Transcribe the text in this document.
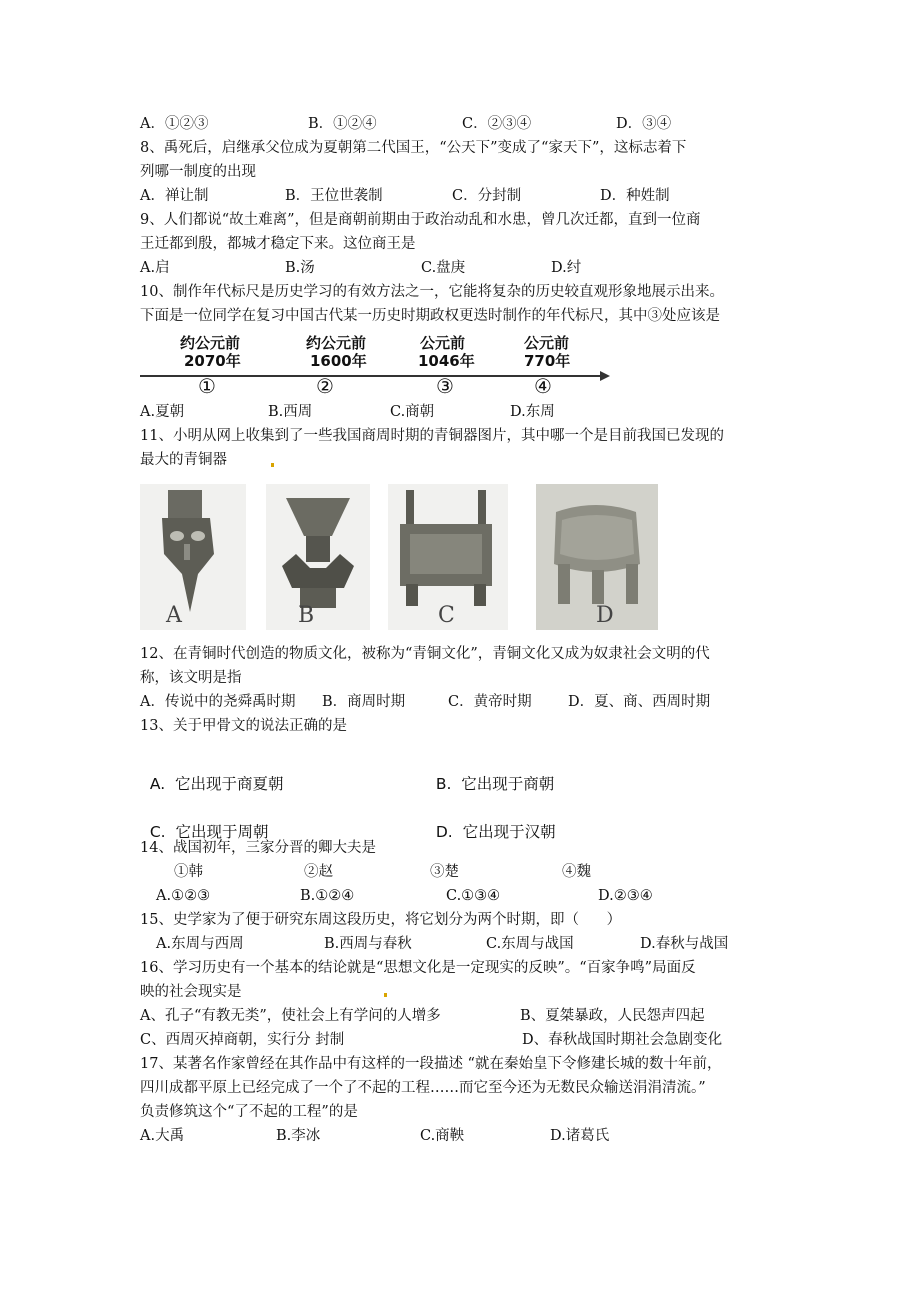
A．①②③	B．①②④	C．②③④	D．③④
8、禹死后，启继承父位成为夏朝第二代国王，“公天下”变成了“家天下”，这标志着下
列哪一制度的出现
A．禅让制	B．王位世袭制	C．分封制	D．种姓制
9、人们都说“故土难离”，但是商朝前期由于政治动乱和水患，曾几次迁都，直到一位商
王迁都到殷，都城才稳定下来。这位商王是
A.启	B.汤	C.盘庚	D.纣
10、制作年代标尺是历史学习的有效方法之一，它能将复杂的历史较直观形象地展示出来。
下面是一位同学在复习中国古代某一历史时期政权更迭时制作的年代标尺，其中③处应该是
约公元前
2070年
①
约公元前
1600年
②
公元前
1046年
③
公元前
770年
④
A.夏朝	B.西周	C.商朝	D.东周
11、小明从网上收集到了一些我国商周时期的青铜器图片，其中哪一个是目前我国已发现的
最大的青铜器
A	B	C	D
12、在青铜时代创造的物质文化，被称为“青铜文化”，青铜文化又成为奴隶社会文明的代
称，该文明是指
A．传说中的尧舜禹时期 B．商周时期	C．黄帝时期	D．夏、商、西周时期
13、关于甲骨文的说法正确的是

A. 它出现于商夏朝	B. 它出现于商朝

C. 它出现于周朝	D. 它出现于汉朝

14、战国初年，三家分晋的卿大夫是
①韩	②赵	③楚	④魏
A.①②③	B.①②④	C.①③④	D.②③④
15、史学家为了便于研究东周这段历史，将它划分为两个时期，即（      ）
A.东周与西周	B.西周与春秋	C.东周与战国	D.春秋与战国
16、学习历史有一个基本的结论就是“思想文化是一定现实的反映”。“百家争鸣”局面反
映的社会现实是
A、孔子“有教无类”，使社会上有学问的人增多	B、夏桀暴政，人民怨声四起
C、西周灭掉商朝，实行分 封制	D、春秋战国时期社会急剧变化
17、某著名作家曾经在其作品中有这样的一段描述 “就在秦始皇下令修建长城的数十年前，
四川成都平原上已经完成了一个了不起的工程……而它至今还为无数民众输送涓涓清流。”
负责修筑这个“了不起的工程”的是
A.大禹	B.李冰	C.商鞅	D.诸葛氏
